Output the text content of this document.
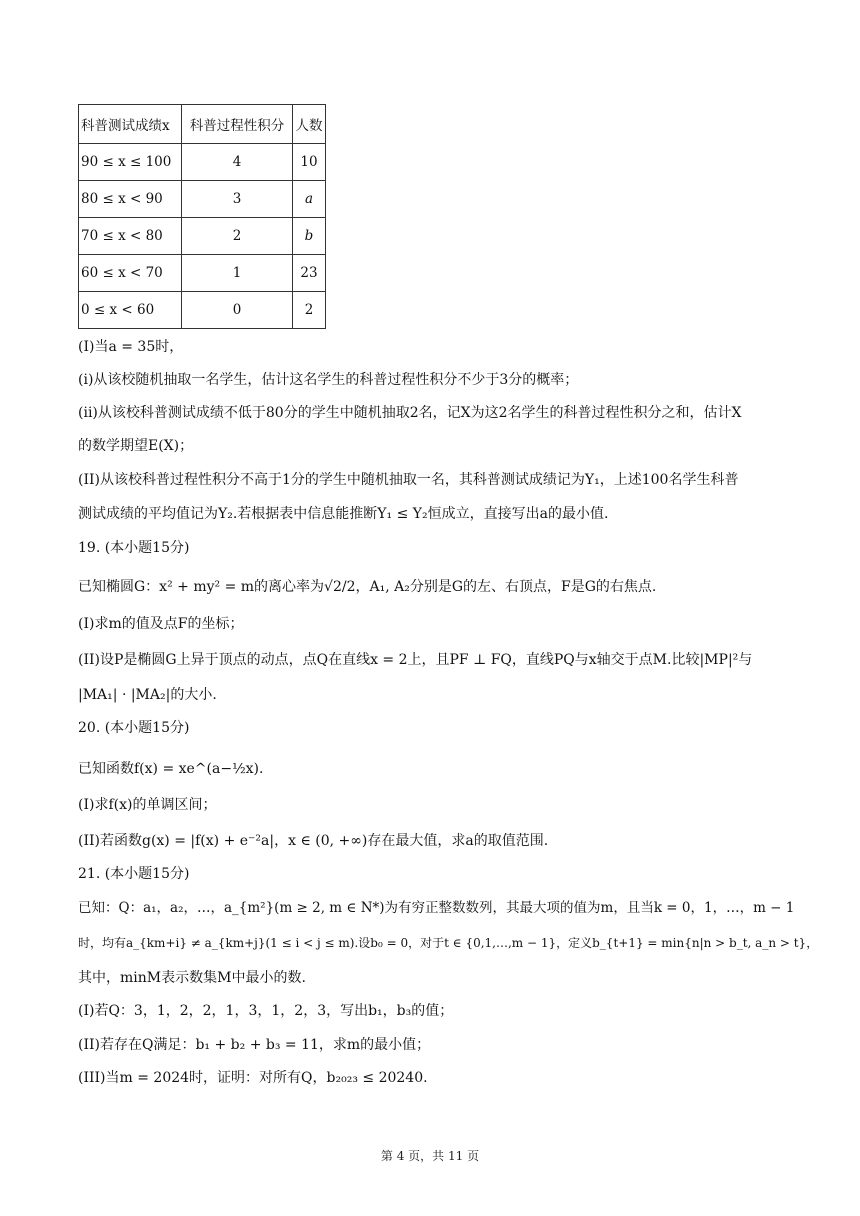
科普测试成绩x	科普过程性积分	人数
90 ≤ x ≤ 100	4	10
80 ≤ x < 90	3	a
70 ≤ x < 80	2	b
60 ≤ x < 70	1	23
0 ≤ x < 60	0	2
(I)当a = 35时，
(i)从该校随机抽取一名学生，估计这名学生的科普过程性积分不少于3分的概率；
(ii)从该校科普测试成绩不低于80分的学生中随机抽取2名，记X为这2名学生的科普过程性积分之和，估计X
的数学期望E(X)；
(II)从该校科普过程性积分不高于1分的学生中随机抽取一名，其科普测试成绩记为Y₁，上述100名学生科普
测试成绩的平均值记为Y₂.若根据表中信息能推断Y₁ ≤ Y₂恒成立，直接写出a的最小值.
19. (本小题15分)
已知椭圆G：x² + my² = m的离心率为√2/2，A₁, A₂分别是G的左、右顶点，F是G的右焦点.
(I)求m的值及点F的坐标；
(II)设P是椭圆G上异于顶点的动点，点Q在直线x = 2上，且PF ⊥ FQ，直线PQ与x轴交于点M.比较|MP|²与
|MA₁| · |MA₂|的大小.
20. (本小题15分)
已知函数f(x) = xe^(a−½x).
(I)求f(x)的单调区间；
(II)若函数g(x) = |f(x) + e⁻²a|，x ∈ (0, +∞)存在最大值，求a的取值范围.
21. (本小题15分)
已知：Q：a₁，a₂，…，a_{m²}(m ≥ 2, m ∈ N*)为有穷正整数数列，其最大项的值为m，且当k = 0，1，…，m − 1
时，均有a_{km+i} ≠ a_{km+j}(1 ≤ i < j ≤ m).设b₀ = 0，对于t ∈ {0,1,…,m − 1}，定义b_{t+1} = min{n|n > b_t, a_n > t}，
其中，minM表示数集M中最小的数.
(I)若Q：3，1，2，2，1，3，1，2，3，写出b₁，b₃的值；
(II)若存在Q满足：b₁ + b₂ + b₃ = 11，求m的最小值；
(III)当m = 2024时，证明：对所有Q，b₂₀₂₃ ≤ 20240.
第 4 页，共 11 页
